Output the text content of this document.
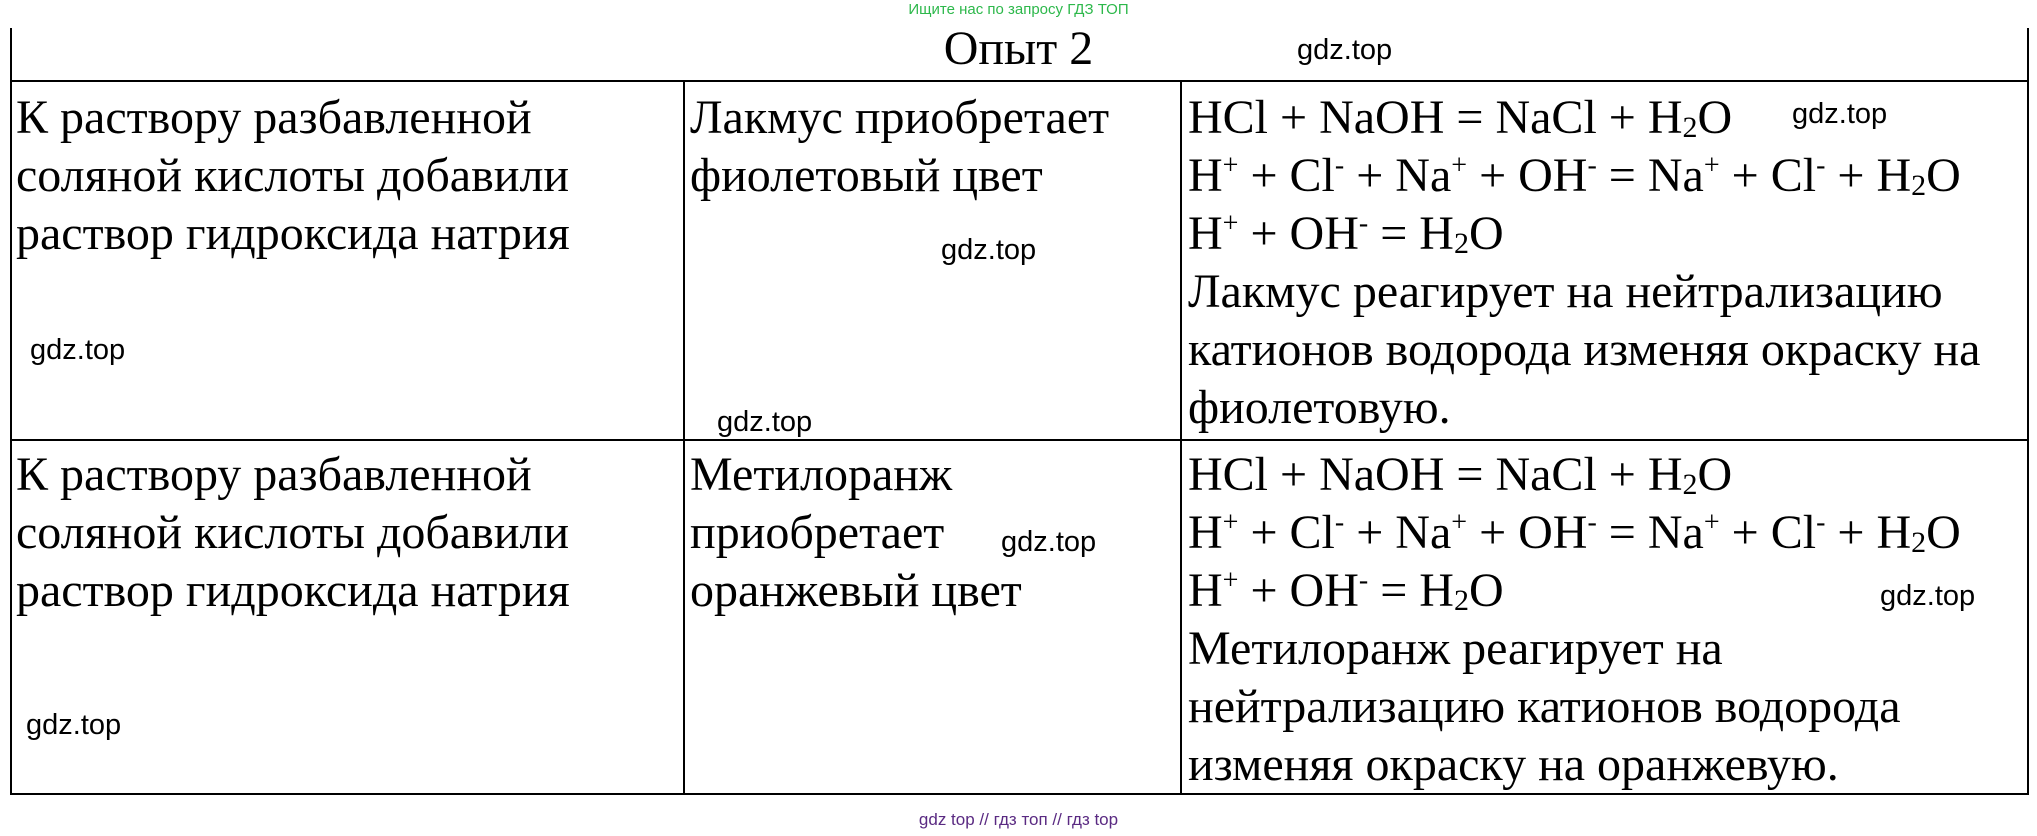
Ищите нас по запросу ГДЗ ТОП
Опыт 2
К раствору разбавленной
соляной кислоты добавили
раствор гидроксида натрия
Лакмус приобретает
фиолетовый цвет
HCl + NaOH = NaCl + $H_2O$
$H^+ + Cl^- + Na^+ + OH^- = Na^+ + Cl^- + H_2O$
$H^+ + OH^- = H_2O$
Лакмус реагирует на нейтрализацию
катионов водорода изменяя окраску на
фиолетовую.
К раствору разбавленной
соляной кислоты добавили
раствор гидроксида натрия
Метилоранж
приобретает
оранжевый цвет
HCl + NaOH = NaCl + $H_2O$
$H^+ + Cl^- + Na^+ + OH^- = Na^+ + Cl^- + H_2O$
$H^+ + OH^- = H_2O$
Метилоранж реагирует на
нейтрализацию катионов водорода
изменяя окраску на оранжевую.
gdz.top
gdz.top
gdz.top
gdz.top
gdz.top
gdz.top
gdz.top
gdz.top
gdz top // гдз топ // гдз top
